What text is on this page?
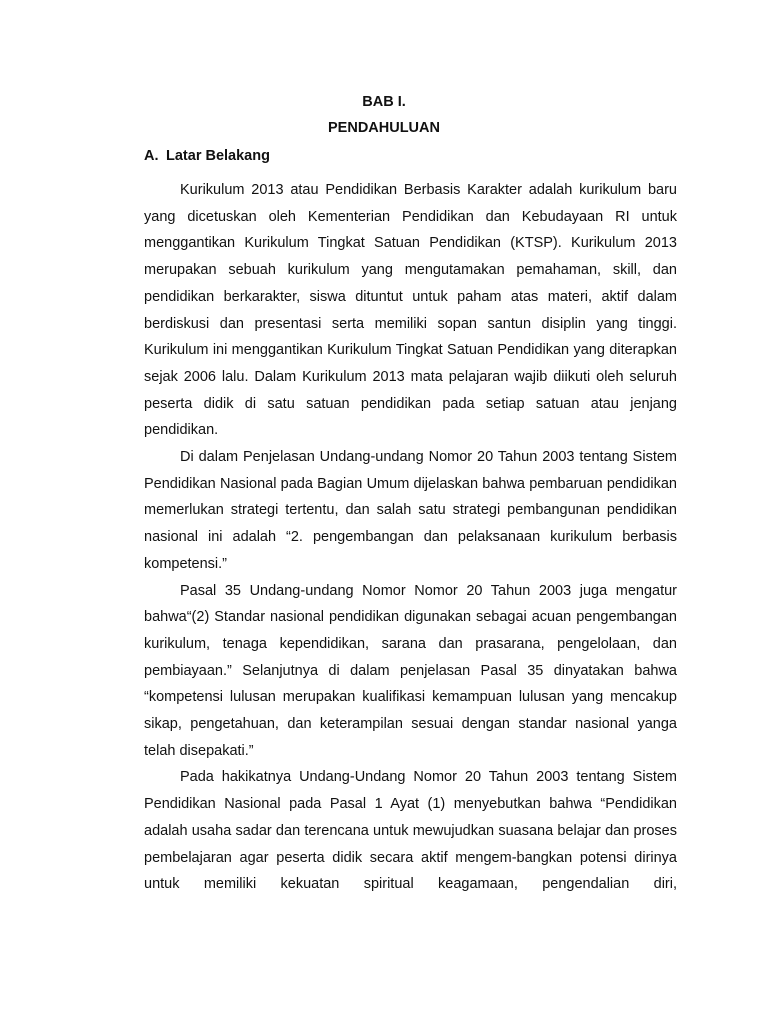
BAB I.
PENDAHULUAN
A. Latar Belakang

Kurikulum 2013 atau Pendidikan Berbasis Karakter adalah kurikulum baru yang dicetuskan oleh Kementerian Pendidikan dan Kebudayaan RI untuk menggantikan Kurikulum Tingkat Satuan Pendidikan (KTSP). Kurikulum 2013 merupakan sebuah kurikulum yang mengutamakan pemahaman, skill, dan pendidikan berkarakter, siswa dituntut untuk paham atas materi, aktif dalam berdiskusi dan presentasi serta memiliki sopan santun disiplin yang tinggi. Kurikulum ini menggantikan Kurikulum Tingkat Satuan Pendidikan yang diterapkan sejak 2006 lalu. Dalam Kurikulum 2013 mata pelajaran wajib diikuti oleh seluruh peserta didik di satu satuan pendidikan pada setiap satuan atau jenjang pendidikan.

Di dalam Penjelasan Undang-undang Nomor 20 Tahun 2003 tentang Sistem Pendidikan Nasional pada Bagian Umum dijelaskan bahwa pembaruan pendidikan memerlukan strategi tertentu, dan salah satu strategi pembangunan pendidikan nasional ini adalah “2. pengembangan dan pelaksanaan kurikulum berbasis kompetensi.”

Pasal 35 Undang-undang Nomor Nomor 20 Tahun 2003 juga mengatur bahwa“(2) Standar nasional pendidikan digunakan sebagai acuan pengembangan kurikulum, tenaga kependidikan, sarana dan prasarana, pengelolaan, dan pembiayaan.” Selanjutnya di dalam penjelasan Pasal 35 dinyatakan bahwa “kompetensi lulusan merupakan kualifikasi kemampuan lulusan yang mencakup sikap, pengetahuan, dan keterampilan sesuai dengan standar nasional yanga telah disepakati.”

Pada hakikatnya Undang-Undang Nomor 20 Tahun 2003 tentang Sistem Pendidikan Nasional pada Pasal 1 Ayat (1) menyebutkan bahwa “Pendidikan adalah usaha sadar dan terencana untuk mewujudkan suasana belajar dan proses pembelajaran agar peserta didik secara aktif mengem-bangkan potensi dirinya untuk memiliki kekuatan spiritual keagamaan, pengendalian diri,
